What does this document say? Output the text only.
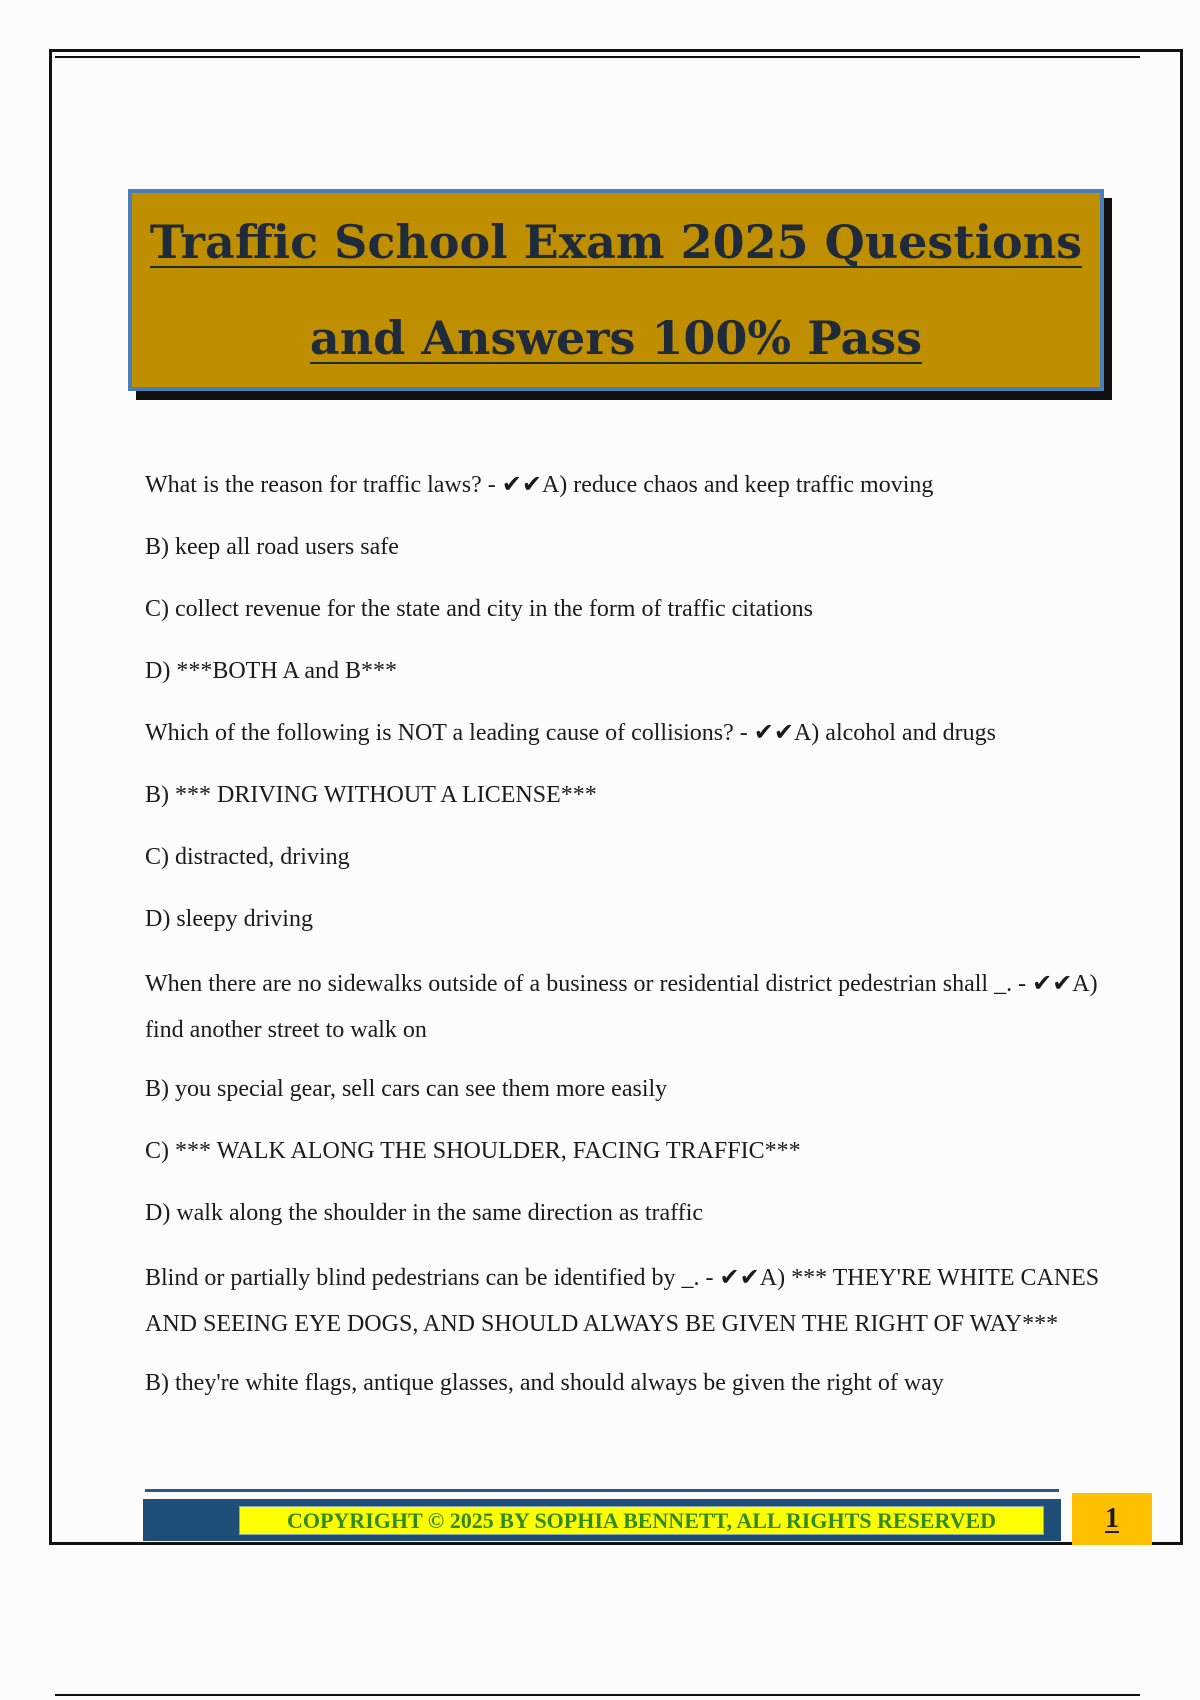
Traffic School Exam 2025 Questions
and Answers 100% Pass

What is the reason for traffic laws? - ✔✔A) reduce chaos and keep traffic moving

B) keep all road users safe

C) collect revenue for the state and city in the form of traffic citations

D) ***BOTH A and B***

Which of the following is NOT a leading cause of collisions? - ✔✔A) alcohol and drugs

B) *** DRIVING WITHOUT A LICENSE***

C) distracted, driving

D) sleepy driving

When there are no sidewalks outside of a business or residential district pedestrian shall _. - ✔✔A) find another street to walk on

B) you special gear, sell cars can see them more easily

C) *** WALK ALONG THE SHOULDER, FACING TRAFFIC***

D) walk along the shoulder in the same direction as traffic

Blind or partially blind pedestrians can be identified by _. - ✔✔A) *** THEY'RE WHITE CANES AND SEEING EYE DOGS, AND SHOULD ALWAYS BE GIVEN THE RIGHT OF WAY***

B) they're white flags, antique glasses, and should always be given the right of way

COPYRIGHT © 2025 BY SOPHIA BENNETT, ALL RIGHTS RESERVED	1
